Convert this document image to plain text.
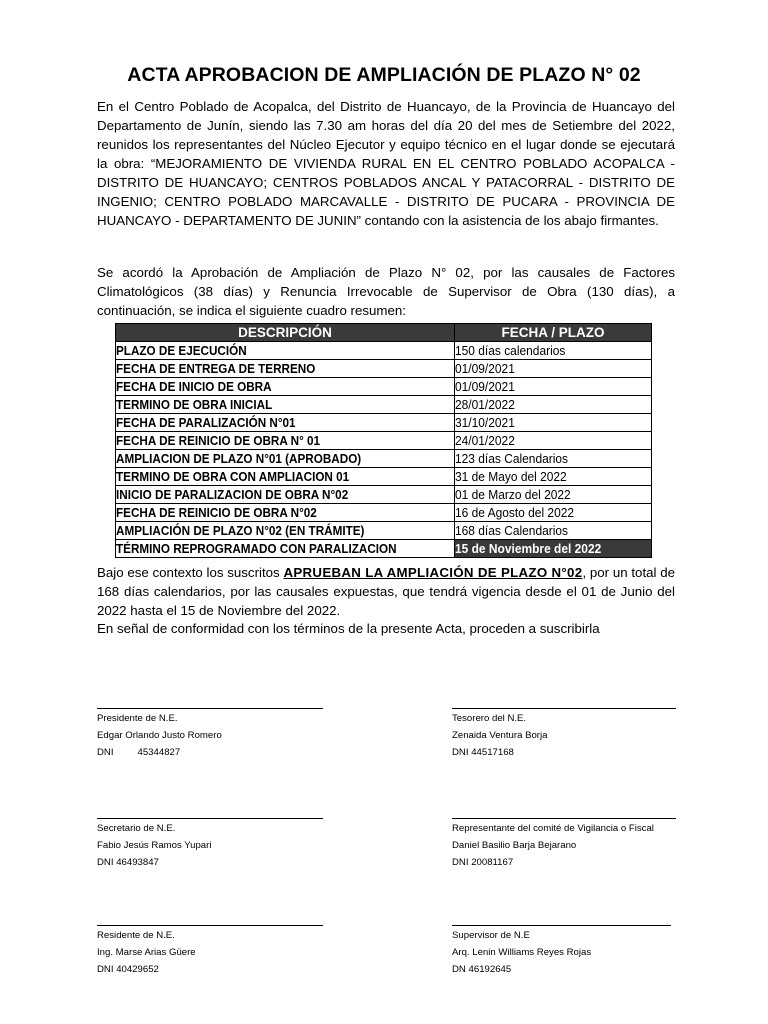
ACTA APROBACION DE AMPLIACIÓN DE PLAZO N° 02

En el Centro Poblado de Acopalca, del Distrito de Huancayo, de la Provincia de Huancayo del Departamento de Junín, siendo las 7.30 am horas del día 20 del mes de Setiembre del 2022, reunidos los representantes del Núcleo Ejecutor y equipo técnico en el lugar donde se ejecutará la obra: “MEJORAMIENTO DE VIVIENDA RURAL EN EL CENTRO POBLADO ACOPALCA - DISTRITO DE HUANCAYO; CENTROS POBLADOS ANCAL Y PATACORRAL - DISTRITO DE INGENIO; CENTRO POBLADO MARCAVALLE - DISTRITO DE PUCARA - PROVINCIA DE HUANCAYO - DEPARTAMENTO DE JUNIN” contando con la asistencia de los abajo firmantes.

Se acordó la Aprobación de Ampliación de Plazo N° 02, por las causales de Factores Climatológicos (38 días) y Renuncia Irrevocable de Supervisor de Obra (130 días), a continuación, se indica el siguiente cuadro resumen:

DESCRIPCIÓN	FECHA / PLAZO
PLAZO DE EJECUCIÓN	150 días calendarios
FECHA DE ENTREGA DE TERRENO	01/09/2021
FECHA DE INICIO DE OBRA	01/09/2021
TERMINO DE OBRA INICIAL	28/01/2022
FECHA DE PARALIZACIÓN N°01	31/10/2021
FECHA DE REINICIO DE OBRA N° 01	24/01/2022
AMPLIACION DE PLAZO N°01 (APROBADO)	123 días Calendarios
TERMINO DE OBRA CON AMPLIACION 01	31 de Mayo del 2022
INICIO DE PARALIZACION DE OBRA N°02	01 de Marzo del 2022
FECHA DE REINICIO DE OBRA N°02	16 de Agosto del 2022
AMPLIACIÓN DE PLAZO N°02 (EN TRÁMITE)	168 días Calendarios
TÉRMINO REPROGRAMADO CON PARALIZACION	15 de Noviembre del 2022

Bajo ese contexto los suscritos APRUEBAN LA AMPLIACIÓN DE PLAZO N°02, por un total de 168 días calendarios, por las causales expuestas, que tendrá vigencia desde el 01 de Junio del 2022 hasta el 15 de Noviembre del 2022.

En señal de conformidad con los términos de la presente Acta, proceden a suscribirla

Presidente de N.E.
Edgar Orlando Justo Romero
DNI         45344827
Tesorero del N.E.
Zenaida Ventura Borja
DNI 44517168
Secretario de N.E.
Fabio Jesús Ramos Yupari
DNI 46493847
Representante del comité de Vigilancia o Fiscal
Daniel Basilio Barja Bejarano
DNI 20081167
Residente de N.E.
Ing. Marse Arias Güere
DNI 40429652
Supervisor de N.E
Arq. Lenin Williams Reyes Rojas
DN 46192645
